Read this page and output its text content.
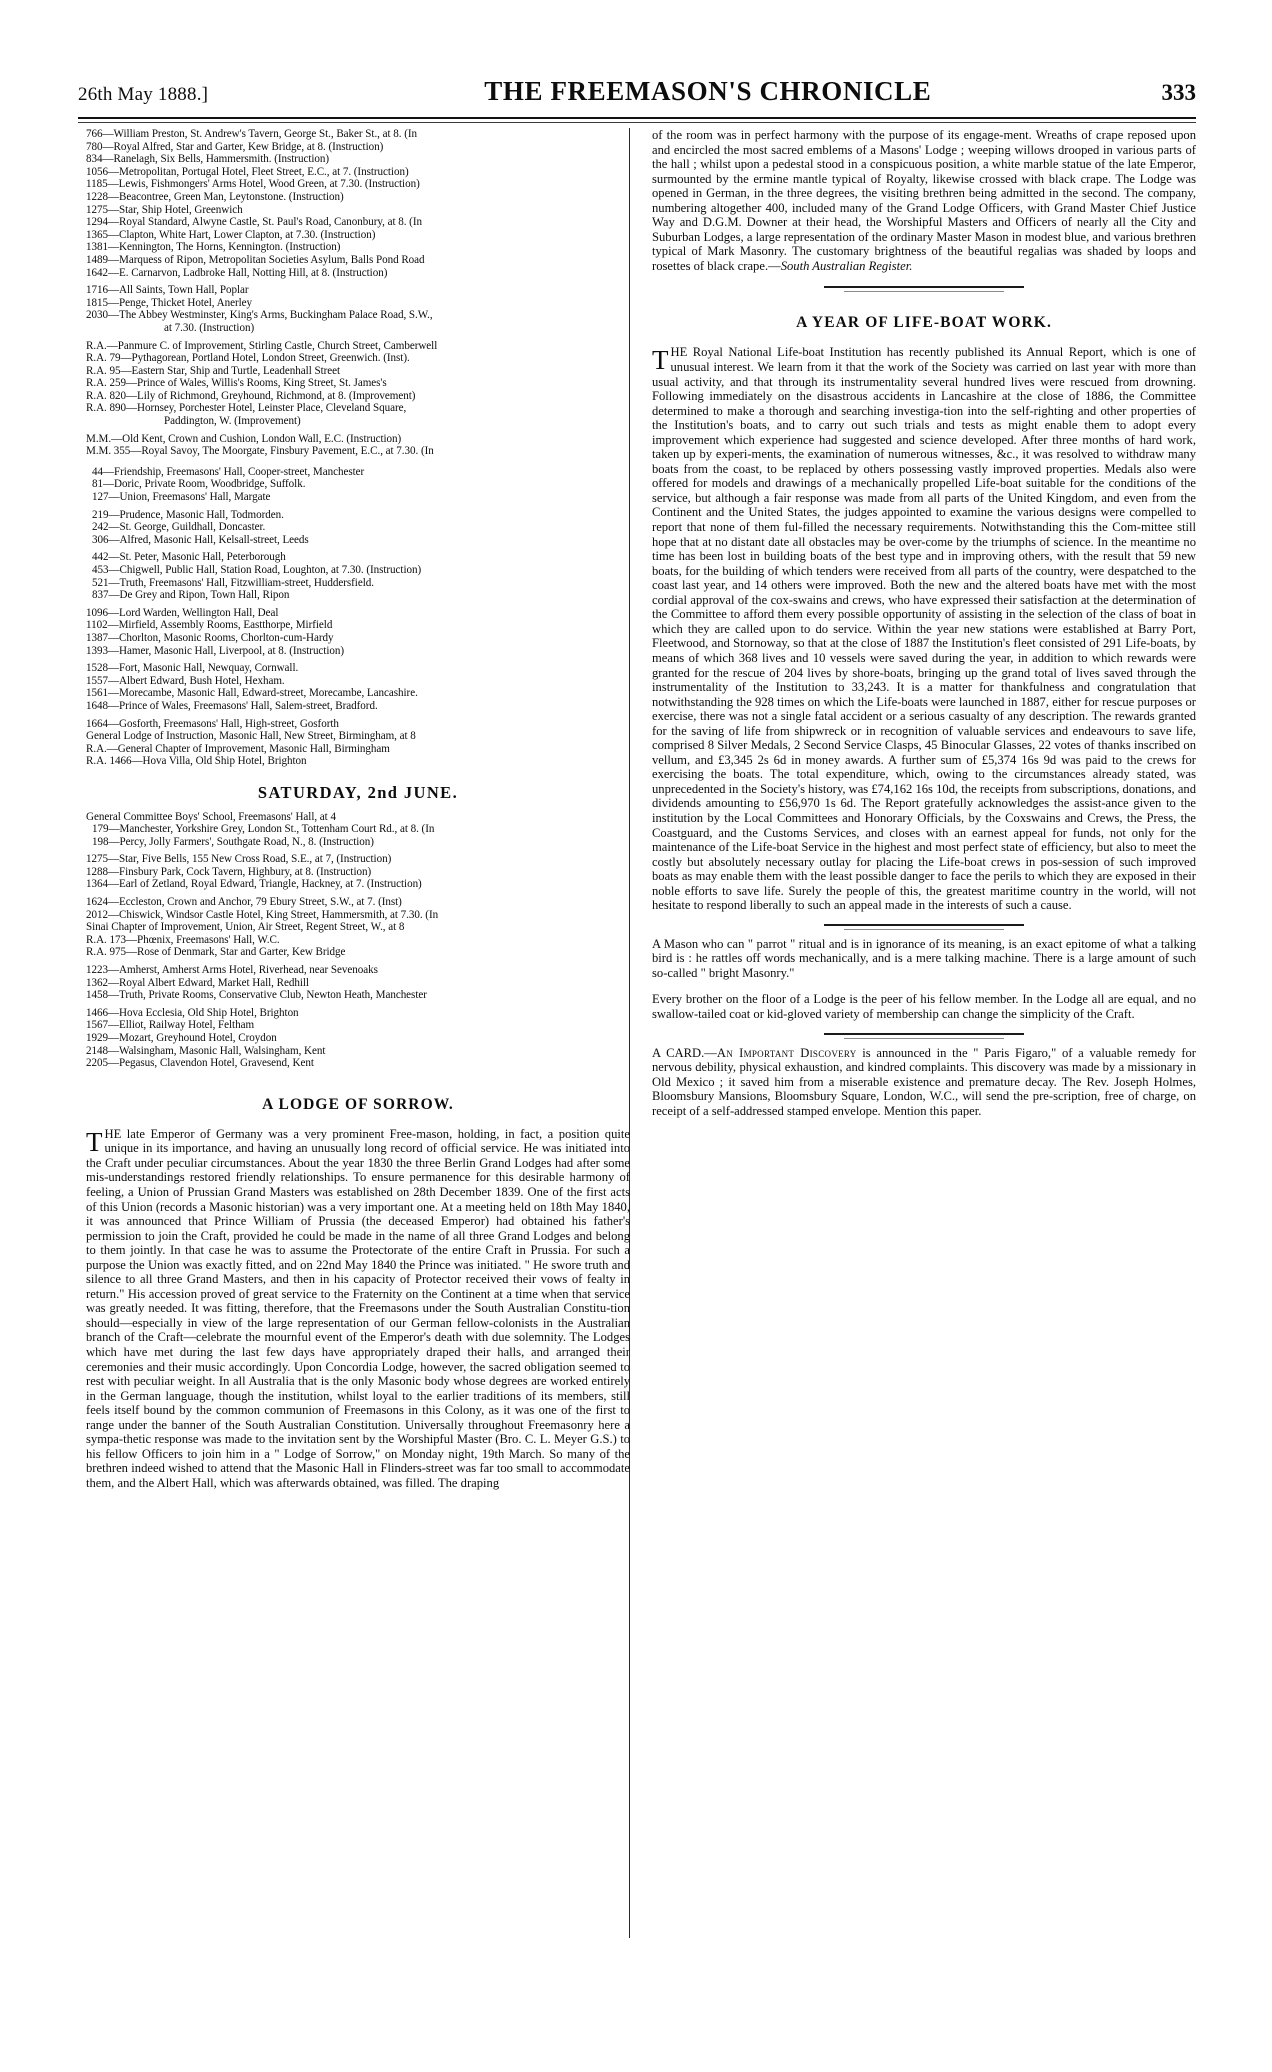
26th May 1888.]	THE FREEMASON'S CHRONICLE	333
766—William Preston, St. Andrew's Tavern, George St., Baker St., at 8. (In
780—Royal Alfred, Star and Garter, Kew Bridge, at 8. (Instruction)
834—Ranelagh, Six Bells, Hammersmith. (Instruction)
1056—Metropolitan, Portugal Hotel, Fleet Street, E.C., at 7. (Instruction)
1185—Lewis, Fishmongers' Arms Hotel, Wood Green, at 7.30. (Instruction)
1228—Beacontree, Green Man, Leytonstone. (Instruction)
1275—Star, Ship Hotel, Greenwich
1294—Royal Standard, Alwyne Castle, St. Paul's Road, Canonbury, at 8. (In
1365—Clapton, White Hart, Lower Clapton, at 7.30. (Instruction)
1381—Kennington, The Horns, Kennington. (Instruction)
1489—Marquess of Ripon, Metropolitan Societies Asylum, Balls Pond Road
1642—E. Carnarvon, Ladbroke Hall, Notting Hill, at 8. (Instruction)
1716—All Saints, Town Hall, Poplar
1815—Penge, Thicket Hotel, Anerley
2030—The Abbey Westminster, King's Arms, Buckingham Palace Road, S.W.,
at 7.30. (Instruction)
R.A.—Panmure C. of Improvement, Stirling Castle, Church Street, Camberwell
R.A. 79—Pythagorean, Portland Hotel, London Street, Greenwich. (Inst).
R.A. 95—Eastern Star, Ship and Turtle, Leadenhall Street
R.A. 259—Prince of Wales, Willis's Rooms, King Street, St. James's
R.A. 820—Lily of Richmond, Greyhound, Richmond, at 8. (Improvement)
R.A. 890—Hornsey, Porchester Hotel, Leinster Place, Cleveland Square,
Paddington, W. (Improvement)
M.M.—Old Kent, Crown and Cushion, London Wall, E.C. (Instruction)
M.M. 355—Royal Savoy, The Moorgate, Finsbury Pavement, E.C., at 7.30. (In
44—Friendship, Freemasons' Hall, Cooper-street, Manchester
81—Doric, Private Room, Woodbridge, Suffolk.
127—Union, Freemasons' Hall, Margate
219—Prudence, Masonic Hall, Todmorden.
242—St. George, Guildhall, Doncaster.
306—Alfred, Masonic Hall, Kelsall-street, Leeds
442—St. Peter, Masonic Hall, Peterborough
453—Chigwell, Public Hall, Station Road, Loughton, at 7.30. (Instruction)
521—Truth, Freemasons' Hall, Fitzwilliam-street, Huddersfield.
837—De Grey and Ripon, Town Hall, Ripon
1096—Lord Warden, Wellington Hall, Deal
1102—Mirfield, Assembly Rooms, Eastthorpe, Mirfield
1387—Chorlton, Masonic Rooms, Chorlton-cum-Hardy
1393—Hamer, Masonic Hall, Liverpool, at 8. (Instruction)
1528—Fort, Masonic Hall, Newquay, Cornwall.
1557—Albert Edward, Bush Hotel, Hexham.
1561—Morecambe, Masonic Hall, Edward-street, Morecambe, Lancashire.
1648—Prince of Wales, Freemasons' Hall, Salem-street, Bradford.
1664—Gosforth, Freemasons' Hall, High-street, Gosforth
General Lodge of Instruction, Masonic Hall, New Street, Birmingham, at 8
R.A.—General Chapter of Improvement, Masonic Hall, Birmingham
R.A. 1466—Hova Villa, Old Ship Hotel, Brighton
SATURDAY, 2nd JUNE.
General Committee Boys' School, Freemasons' Hall, at 4
179—Manchester, Yorkshire Grey, London St., Tottenham Court Rd., at 8. (In
198—Percy, Jolly Farmers', Southgate Road, N., 8. (Instruction)
1275—Star, Five Bells, 155 New Cross Road, S.E., at 7, (Instruction)
1288—Finsbury Park, Cock Tavern, Highbury, at 8. (Instruction)
1364—Earl of Zetland, Royal Edward, Triangle, Hackney, at 7. (Instruction)
1624—Eccleston, Crown and Anchor, 79 Ebury Street, S.W., at 7. (Inst)
2012—Chiswick, Windsor Castle Hotel, King Street, Hammersmith, at 7.30. (In
Sinai Chapter of Improvement, Union, Air Street, Regent Street, W., at 8
R.A. 173—Phœnix, Freemasons' Hall, W.C.
R.A. 975—Rose of Denmark, Star and Garter, Kew Bridge
1223—Amherst, Amherst Arms Hotel, Riverhead, near Sevenoaks
1362—Royal Albert Edward, Market Hall, Redhill
1458—Truth, Private Rooms, Conservative Club, Newton Heath, Manchester
1466—Hova Ecclesia, Old Ship Hotel, Brighton
1567—Elliot, Railway Hotel, Feltham
1929—Mozart, Greyhound Hotel, Croydon
2148—Walsingham, Masonic Hall, Walsingham, Kent
2205—Pegasus, Clavendon Hotel, Gravesend, Kent
A LODGE OF SORROW.

THE late Emperor of Germany was a very prominent Free-mason, holding, in fact, a position quite unique in its importance, and having an unusually long record of official service. He was initiated into the Craft under peculiar circumstances. About the year 1830 the three Berlin Grand Lodges had after some mis-understandings restored friendly relationships. To ensure permanence for this desirable harmony of feeling, a Union of Prussian Grand Masters was established on 28th December 1839. One of the first acts of this Union (records a Masonic historian) was a very important one. At a meeting held on 18th May 1840, it was announced that Prince William of Prussia (the deceased Emperor) had obtained his father's permission to join the Craft, provided he could be made in the name of all three Grand Lodges and belong to them jointly. In that case he was to assume the Protectorate of the entire Craft in Prussia. For such a purpose the Union was exactly fitted, and on 22nd May 1840 the Prince was initiated. " He swore truth and silence to all three Grand Masters, and then in his capacity of Protector received their vows of fealty in return." His accession proved of great service to the Fraternity on the Continent at a time when that service was greatly needed. It was fitting, therefore, that the Freemasons under the South Australian Constitu-tion should—especially in view of the large representation of our German fellow-colonists in the Australian branch of the Craft—celebrate the mournful event of the Emperor's death with due solemnity. The Lodges which have met during the last few days have appropriately draped their halls, and arranged their ceremonies and their music accordingly. Upon Concordia Lodge, however, the sacred obligation seemed to rest with peculiar weight. In all Australia that is the only Masonic body whose degrees are worked entirely in the German language, though the institution, whilst loyal to the earlier traditions of its members, still feels itself bound by the common communion of Freemasons in this Colony, as it was one of the first to range under the banner of the South Australian Constitution. Universally throughout Freemasonry here a sympa-thetic response was made to the invitation sent by the Worshipful Master (Bro. C. L. Meyer G.S.) to his fellow Officers to join him in a " Lodge of Sorrow," on Monday night, 19th March. So many of the brethren indeed wished to attend that the Masonic Hall in Flinders-street was far too small to accommodate them, and the Albert Hall, which was afterwards obtained, was filled. The draping

of the room was in perfect harmony with the purpose of its engage-ment. Wreaths of crape reposed upon and encircled the most sacred emblems of a Masons' Lodge ; weeping willows drooped in various parts of the hall ; whilst upon a pedestal stood in a conspicuous position, a white marble statue of the late Emperor, surmounted by the ermine mantle typical of Royalty, likewise crossed with black crape. The Lodge was opened in German, in the three degrees, the visiting brethren being admitted in the second. The company, numbering altogether 400, included many of the Grand Lodge Officers, with Grand Master Chief Justice Way and D.G.M. Downer at their head, the Worshipful Masters and Officers of nearly all the City and Suburban Lodges, a large representation of the ordinary Master Mason in modest blue, and various brethren typical of Mark Masonry. The customary brightness of the beautiful regalias was shaded by loops and rosettes of black crape.—South Australian Register.

A YEAR OF LIFE-BOAT WORK.

THE Royal National Life-boat Institution has recently published its Annual Report, which is one of unusual interest. We learn from it that the work of the Society was carried on last year with more than usual activity, and that through its instrumentality several hundred lives were rescued from drowning. Following immediately on the disastrous accidents in Lancashire at the close of 1886, the Committee determined to make a thorough and searching investiga-tion into the self-righting and other properties of the Institution's boats, and to carry out such trials and tests as might enable them to adopt every improvement which experience had suggested and science developed. After three months of hard work, taken up by experi-ments, the examination of numerous witnesses, &c., it was resolved to withdraw many boats from the coast, to be replaced by others possessing vastly improved properties. Medals also were offered for models and drawings of a mechanically propelled Life-boat suitable for the conditions of the service, but although a fair response was made from all parts of the United Kingdom, and even from the Continent and the United States, the judges appointed to examine the various designs were compelled to report that none of them ful-filled the necessary requirements. Notwithstanding this the Com-mittee still hope that at no distant date all obstacles may be over-come by the triumphs of science. In the meantime no time has been lost in building boats of the best type and in improving others, with the result that 59 new boats, for the building of which tenders were received from all parts of the country, were despatched to the coast last year, and 14 others were improved. Both the new and the altered boats have met with the most cordial approval of the cox-swains and crews, who have expressed their satisfaction at the determination of the Committee to afford them every possible opportunity of assisting in the selection of the class of boat in which they are called upon to do service. Within the year new stations were established at Barry Port, Fleetwood, and Stornoway, so that at the close of 1887 the Institution's fleet consisted of 291 Life-boats, by means of which 368 lives and 10 vessels were saved during the year, in addition to which rewards were granted for the rescue of 204 lives by shore-boats, bringing up the grand total of lives saved through the instrumentality of the Institution to 33,243. It is a matter for thankfulness and congratulation that notwithstanding the 928 times on which the Life-boats were launched in 1887, either for rescue purposes or exercise, there was not a single fatal accident or a serious casualty of any description. The rewards granted for the saving of life from shipwreck or in recognition of valuable services and endeavours to save life, comprised 8 Silver Medals, 2 Second Service Clasps, 45 Binocular Glasses, 22 votes of thanks inscribed on vellum, and £3,345 2s 6d in money awards. A further sum of £5,374 16s 9d was paid to the crews for exercising the boats. The total expenditure, which, owing to the circumstances already stated, was unprecedented in the Society's history, was £74,162 16s 10d, the receipts from subscriptions, donations, and dividends amounting to £56,970 1s 6d. The Report gratefully acknowledges the assist-ance given to the institution by the Local Committees and Honorary Officials, by the Coxswains and Crews, the Press, the Coastguard, and the Customs Services, and closes with an earnest appeal for funds, not only for the maintenance of the Life-boat Service in the highest and most perfect state of efficiency, but also to meet the costly but absolutely necessary outlay for placing the Life-boat crews in pos-session of such improved boats as may enable them with the least possible danger to face the perils to which they are exposed in their noble efforts to save life. Surely the people of this, the greatest maritime country in the world, will not hesitate to respond liberally to such an appeal made in the interests of such a cause.

A Mason who can " parrot " ritual and is in ignorance of its meaning, is an exact epitome of what a talking bird is : he rattles off words mechanically, and is a mere talking machine. There is a large amount of such so-called " bright Masonry."

Every brother on the floor of a Lodge is the peer of his fellow member. In the Lodge all are equal, and no swallow-tailed coat or kid-gloved variety of membership can change the simplicity of the Craft.

A CARD.—An Important Discovery is announced in the " Paris Figaro," of a valuable remedy for nervous debility, physical exhaustion, and kindred complaints. This discovery was made by a missionary in Old Mexico ; it saved him from a miserable existence and premature decay. The Rev. Joseph Holmes, Bloomsbury Mansions, Bloomsbury Square, London, W.C., will send the pre-scription, free of charge, on receipt of a self-addressed stamped envelope. Mention this paper.
